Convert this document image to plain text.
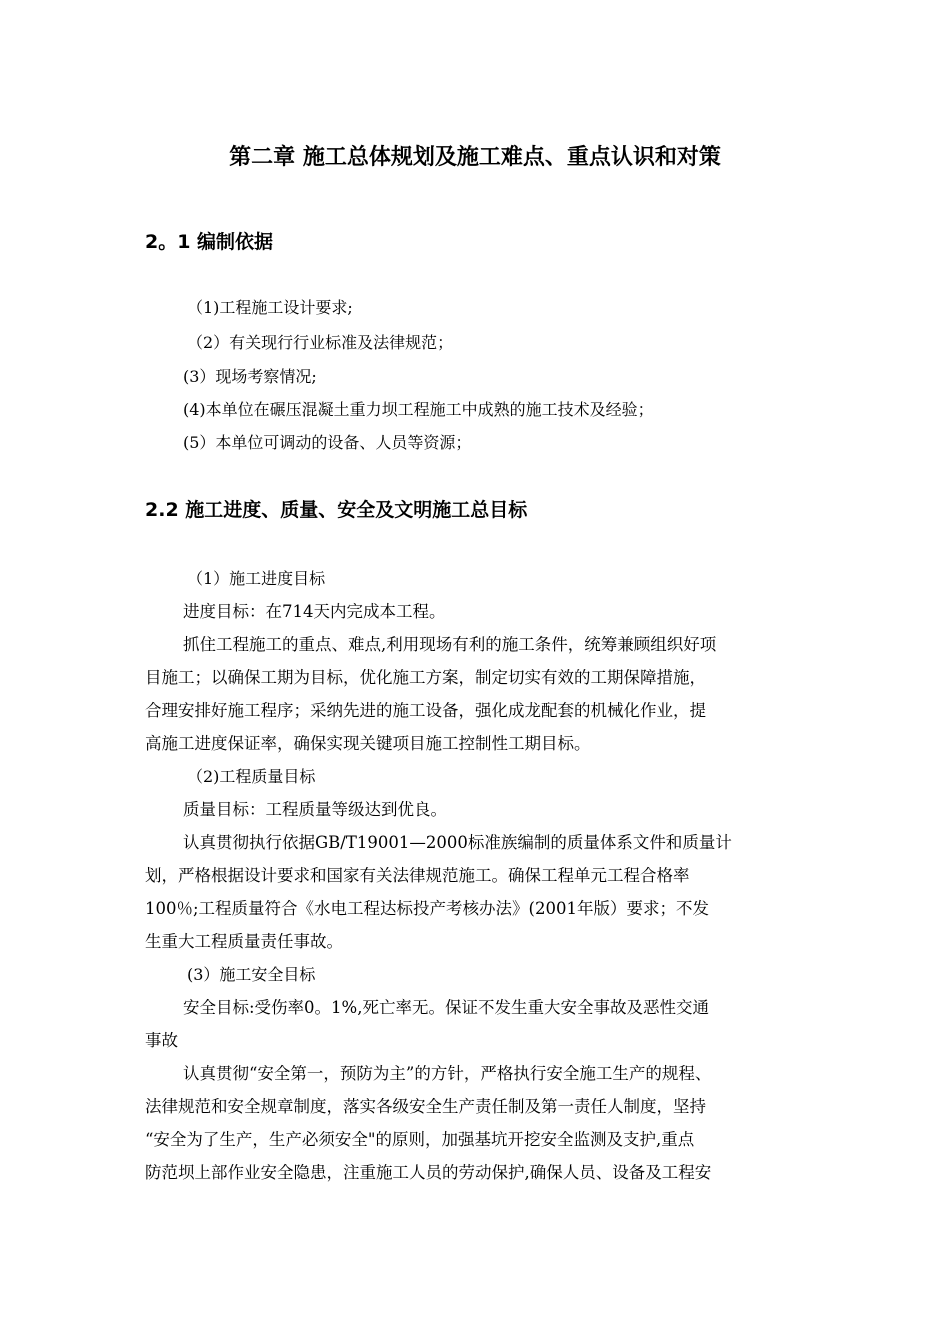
第二章 施工总体规划及施工难点、重点认识和对策
2。1 编制依据
（1)工程施工设计要求;
（2）有关现行行业标准及法律规范；
(3）现场考察情况;
(4)本单位在碾压混凝土重力坝工程施工中成熟的施工技术及经验；
(5）本单位可调动的设备、人员等资源；
2.2 施工进度、质量、安全及文明施工总目标
（1）施工进度目标
进度目标：在714天内完成本工程。
抓住工程施工的重点、难点,利用现场有利的施工条件，统筹兼顾组织好项
目施工；以确保工期为目标，优化施工方案，制定切实有效的工期保障措施，
合理安排好施工程序；采纳先进的施工设备，强化成龙配套的机械化作业，提
高施工进度保证率，确保实现关键项目施工控制性工期目标。
（2)工程质量目标
质量目标：工程质量等级达到优良。
认真贯彻执行依据GB/T19001—2000标准族编制的质量体系文件和质量计
划，严格根据设计要求和国家有关法律规范施工。确保工程单元工程合格率
100％;工程质量符合《水电工程达标投产考核办法》(2001年版）要求；不发
生重大工程质量责任事故。
(3）施工安全目标
安全目标:受伤率0。1%,死亡率无。保证不发生重大安全事故及恶性交通
事故
认真贯彻“安全第一，预防为主”的方针，严格执行安全施工生产的规程、
法律规范和安全规章制度，落实各级安全生产责任制及第一责任人制度，坚持
“安全为了生产，生产必须安全"的原则，加强基坑开挖安全监测及支护,重点
防范坝上部作业安全隐患，注重施工人员的劳动保护,确保人员、设备及工程安
